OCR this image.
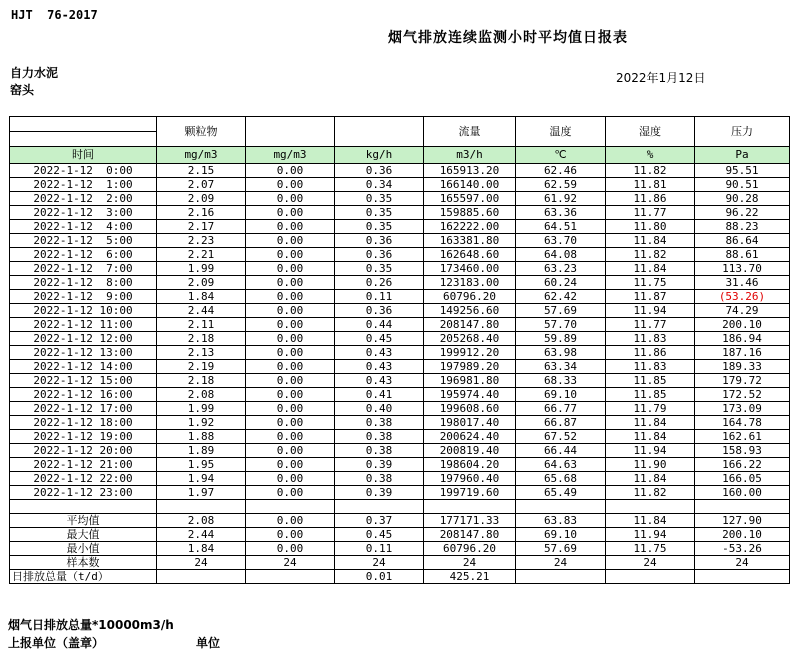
HJT  76-2017
烟气排放连续监测小时平均值日报表
自力水泥
窑头
2022年1月12日
	颗粒物			流量	温度	湿度	压力

时间	mg/m3	mg/m3	kg/h	m3/h	℃	%	Pa
2022-1-12  0:00	2.15	0.00	0.36	165913.20	62.46	11.82	95.51
2022-1-12  1:00	2.07	0.00	0.34	166140.00	62.59	11.81	90.51
2022-1-12  2:00	2.09	0.00	0.35	165597.00	61.92	11.86	90.28
2022-1-12  3:00	2.16	0.00	0.35	159885.60	63.36	11.77	96.22
2022-1-12  4:00	2.17	0.00	0.35	162222.00	64.51	11.80	88.23
2022-1-12  5:00	2.23	0.00	0.36	163381.80	63.70	11.84	86.64
2022-1-12  6:00	2.21	0.00	0.36	162648.60	64.08	11.82	88.61
2022-1-12  7:00	1.99	0.00	0.35	173460.00	63.23	11.84	113.70
2022-1-12  8:00	2.09	0.00	0.26	123183.00	60.24	11.75	31.46
2022-1-12  9:00	1.84	0.00	0.11	60796.20	62.42	11.87	(53.26)
2022-1-12 10:00	2.44	0.00	0.36	149256.60	57.69	11.94	74.29
2022-1-12 11:00	2.11	0.00	0.44	208147.80	57.70	11.77	200.10
2022-1-12 12:00	2.18	0.00	0.45	205268.40	59.89	11.83	186.94
2022-1-12 13:00	2.13	0.00	0.43	199912.20	63.98	11.86	187.16
2022-1-12 14:00	2.19	0.00	0.43	197989.20	63.34	11.83	189.33
2022-1-12 15:00	2.18	0.00	0.43	196981.80	68.33	11.85	179.72
2022-1-12 16:00	2.08	0.00	0.41	195974.40	69.10	11.85	172.52
2022-1-12 17:00	1.99	0.00	0.40	199608.60	66.77	11.79	173.09
2022-1-12 18:00	1.92	0.00	0.38	198017.40	66.87	11.84	164.78
2022-1-12 19:00	1.88	0.00	0.38	200624.40	67.52	11.84	162.61
2022-1-12 20:00	1.89	0.00	0.38	200819.40	66.44	11.94	158.93
2022-1-12 21:00	1.95	0.00	0.39	198604.20	64.63	11.90	166.22
2022-1-12 22:00	1.94	0.00	0.38	197960.40	65.68	11.84	166.05
2022-1-12 23:00	1.97	0.00	0.39	199719.60	65.49	11.82	160.00

平均值	2.08	0.00	0.37	177171.33	63.83	11.84	127.90
最大值	2.44	0.00	0.45	208147.80	69.10	11.94	200.10
最小值	1.84	0.00	0.11	60796.20	57.69	11.75	-53.26
样本数	24	24	24	24	24	24	24
日排放总量（t/d）			0.01	425.21			
烟气日排放总量*10000m3/h
上报单位（盖章）	单位
